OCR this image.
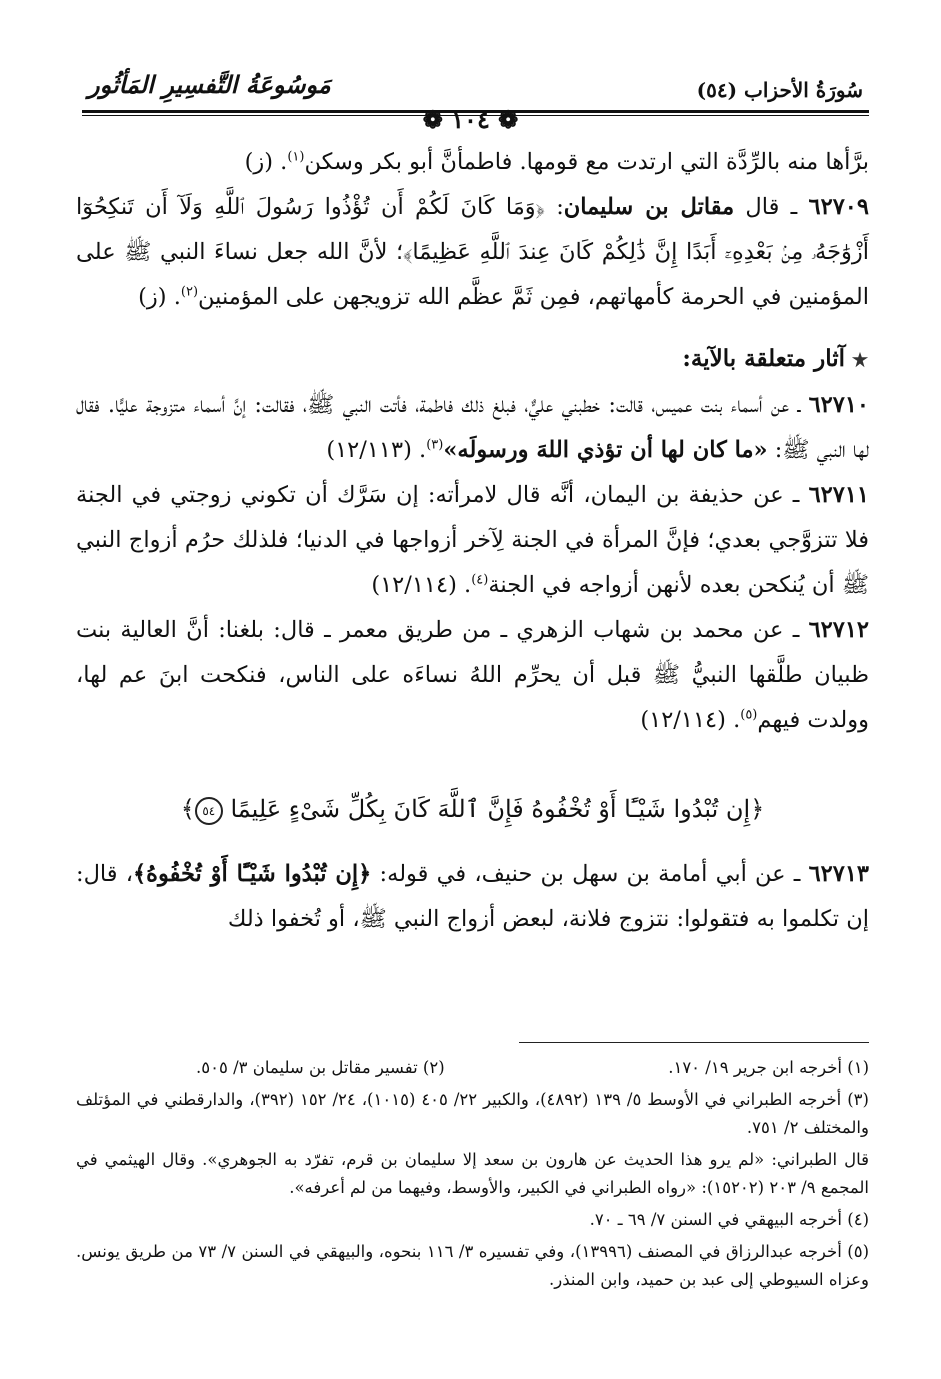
سُورَةُ الأحزاب (٥٤)
مَوسُوعَةُ التَّفسِيرِ المَأثُور
❁ ١٠٤ ❁

برَّأها منه بالرِّدَّة التي ارتدت مع قومها. فاطمأنَّ أبو بكر وسكن$^{(١)}$. (ز)

٦٢٧٠٩ ـ قال مقاتل بن سليمان: ﴿وَمَا كَانَ لَكُمْ أَن تُؤْذُوا رَسُولَ ٱللَّهِ وَلَآ أَن تَنكِحُوٓا أَزْوَٰجَهُۥ مِنۢ بَعْدِهِۦٓ أَبَدًا إِنَّ ذَٰلِكُمْ كَانَ عِندَ ٱللَّهِ عَظِيمًا﴾؛ لأنَّ الله جعل نساءَ النبي ﷺ على المؤمنين في الحرمة كأمهاتهم، فمِن ثَمَّ عظَّم الله تزويجهن على المؤمنين$^{(٢)}$. (ز)

آثار متعلقة بالآية:

٦٢٧١٠ ـ عن أسماء بنت عميس، قالت: خطبني عليٌّ، فبلغ ذلك فاطمة، فأتت النبي ﷺ، فقالت: إنَّ أسماء متزوجة عليًّا. فقال لها النبي ﷺ: «ما كان لها أن تؤذي اللهَ ورسولَه»$^{(٣)}$. (١٢/١١٣)

٦٢٧١١ ـ عن حذيفة بن اليمان، أنَّه قال لامرأته: إن سَرَّك أن تكوني زوجتي في الجنة فلا تتزوَّجي بعدي؛ فإنَّ المرأة في الجنة لِآخر أزواجها في الدنيا؛ فلذلك حرُم أزواج النبي ﷺ أن يُنكحن بعده لأنهن أزواجه في الجنة$^{(٤)}$. (١٢/١١٤)

٦٢٧١٢ ـ عن محمد بن شهاب الزهري ـ من طريق معمر ـ قال: بلغنا: أنَّ العالية بنت ظبيان طلَّقها النبيُّ ﷺ قبل أن يحرِّم اللهُ نساءَه على الناس، فنكحت ابنَ عم لها، وولدت فيهم$^{(٥)}$. (١٢/١١٤)

﴿إِن تُبْدُوا شَيْـًٔا أَوْ تُخْفُوهُ فَإِنَّ ٱللَّهَ كَانَ بِكُلِّ شَىْءٍ عَلِيمًا ٥٤﴾

٦٢٧١٣ ـ عن أبي أمامة بن سهل بن حنيف، في قوله: ﴿إِن تُبْدُوا شَيْـًٔا أَوْ تُخْفُوهُ﴾، قال: إن تكلموا به فتقولوا: نتزوج فلانة، لبعض أزواج النبي ﷺ، أو تُخفوا ذلك

(١) أخرجه ابن جرير ١٩/ ١٧٠.
(٢) تفسير مقاتل بن سليمان ٣/ ٥٠٥.

(٣) أخرجه الطبراني في الأوسط ٥/ ١٣٩ (٤٨٩٢)، والكبير ٢٢/ ٤٠٥ (١٠١٥)، ٢٤/ ١٥٢ (٣٩٢)، والدارقطني في المؤتلف والمختلف ٢/ ٧٥١.

قال الطبراني: «لم يرو هذا الحديث عن هارون بن سعد إلا سليمان بن قرم، تفرّد به الجوهري». وقال الهيثمي في المجمع ٩/ ٢٠٣ (١٥٢٠٢): «رواه الطبراني في الكبير، والأوسط، وفيهما من لم أعرفه».

(٤) أخرجه البيهقي في السنن ٧/ ٦٩ ـ ٧٠.

(٥) أخرجه عبدالرزاق في المصنف (١٣٩٩٦)، وفي تفسيره ٣/ ١١٦ بنحوه، والبيهقي في السنن ٧/ ٧٣ من طريق يونس. وعزاه السيوطي إلى عبد بن حميد، وابن المنذر.
